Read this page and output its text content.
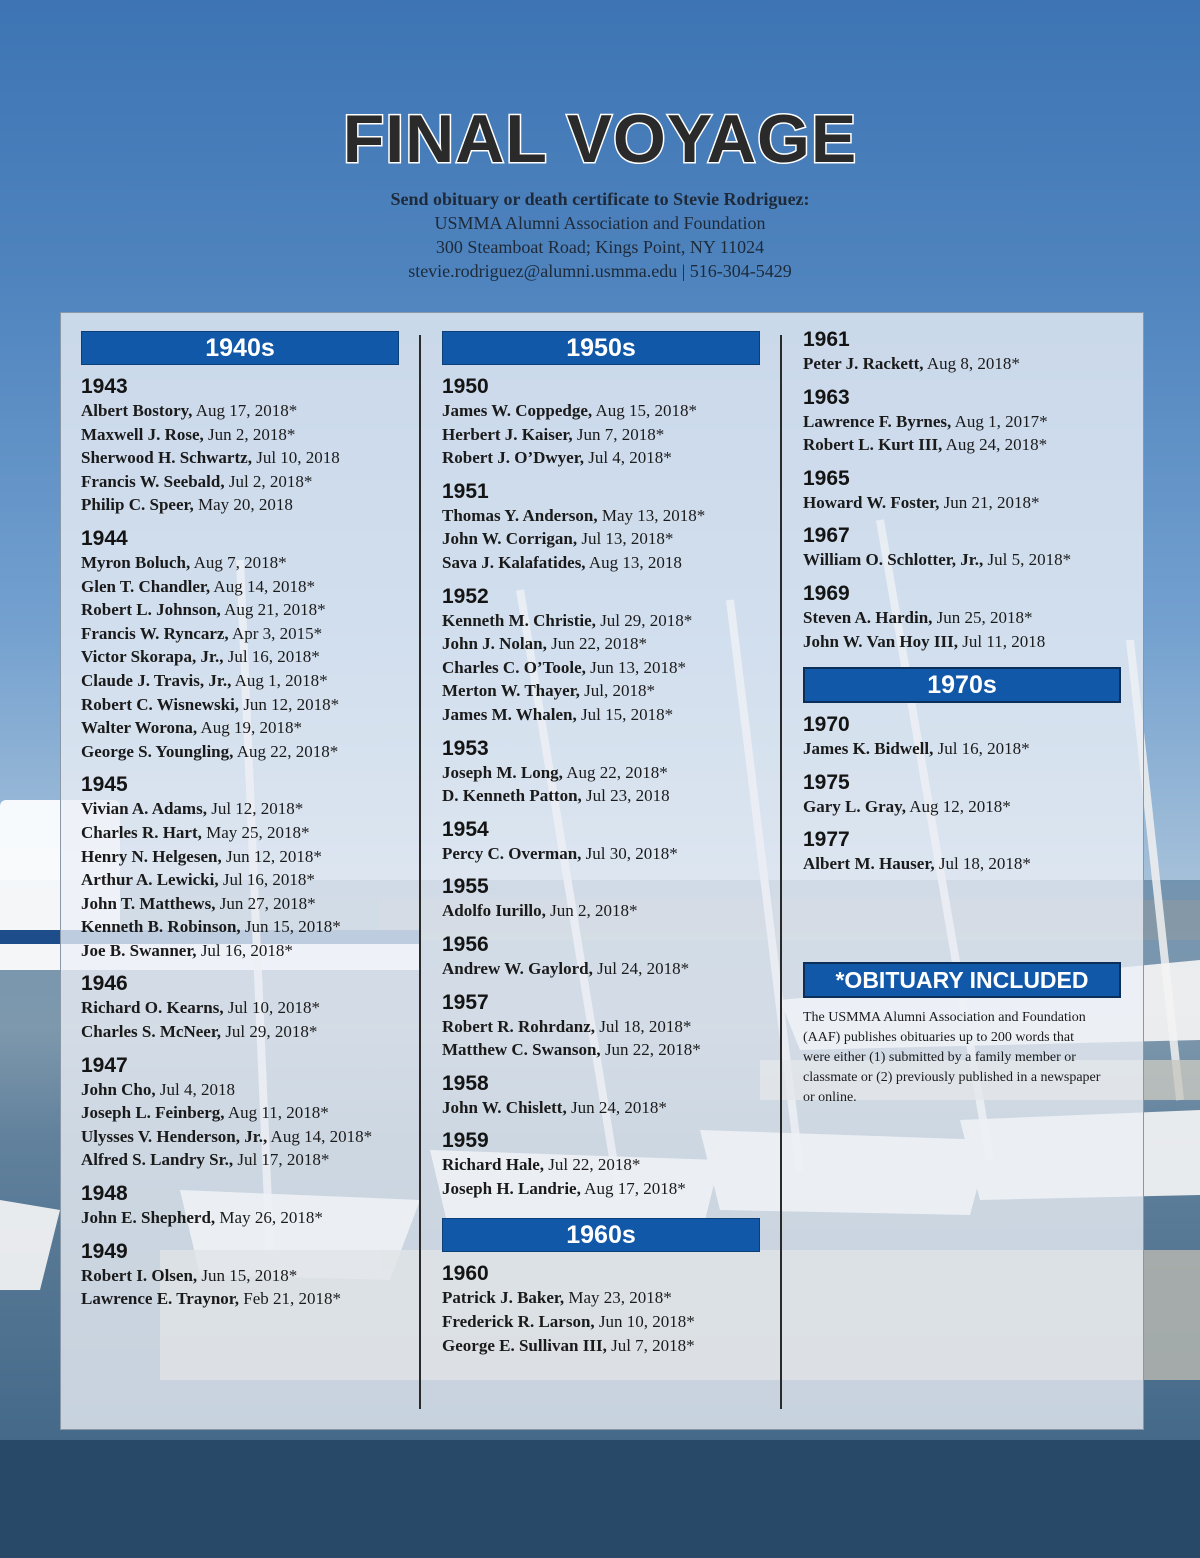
FINAL VOYAGE
Send obituary or death certificate to Stevie Rodriguez:
USMMA Alumni Association and Foundation
300 Steamboat Road; Kings Point, NY 11024
stevie.rodriguez@alumni.usmma.edu | 516-304-5429
1940s
1943
Albert Bostory, Aug 17, 2018*
Maxwell J. Rose, Jun 2, 2018*
Sherwood H. Schwartz, Jul 10, 2018
Francis W. Seebald, Jul 2, 2018*
Philip C. Speer, May 20, 2018
1944
Myron Boluch, Aug 7, 2018*
Glen T. Chandler, Aug 14, 2018*
Robert L. Johnson, Aug 21, 2018*
Francis W. Ryncarz, Apr 3, 2015*
Victor Skorapa, Jr., Jul 16, 2018*
Claude J. Travis, Jr., Aug 1, 2018*
Robert C. Wisnewski, Jun 12, 2018*
Walter Worona, Aug 19, 2018*
George S. Youngling, Aug 22, 2018*
1945
Vivian A. Adams, Jul 12, 2018*
Charles R. Hart, May 25, 2018*
Henry N. Helgesen, Jun 12, 2018*
Arthur A. Lewicki, Jul 16, 2018*
John T. Matthews, Jun 27, 2018*
Kenneth B. Robinson, Jun 15, 2018*
Joe B. Swanner, Jul 16, 2018*
1946
Richard O. Kearns, Jul 10, 2018*
Charles S. McNeer, Jul 29, 2018*
1947
John Cho, Jul 4, 2018
Joseph L. Feinberg, Aug 11, 2018*
Ulysses V. Henderson, Jr., Aug 14, 2018*
Alfred S. Landry Sr., Jul 17, 2018*
1948
John E. Shepherd, May 26, 2018*
1949
Robert I. Olsen, Jun 15, 2018*
Lawrence E. Traynor, Feb 21, 2018*
1950s
1950
James W. Coppedge, Aug 15, 2018*
Herbert J. Kaiser, Jun 7, 2018*
Robert J. O’Dwyer, Jul 4, 2018*
1951
Thomas Y. Anderson, May 13, 2018*
John W. Corrigan, Jul 13, 2018*
Sava J. Kalafatides, Aug 13, 2018
1952
Kenneth M. Christie, Jul 29, 2018*
John J. Nolan, Jun 22, 2018*
Charles C. O’Toole, Jun 13, 2018*
Merton W. Thayer, Jul, 2018*
James M. Whalen, Jul 15, 2018*
1953
Joseph M. Long, Aug 22, 2018*
D. Kenneth Patton, Jul 23, 2018
1954
Percy C. Overman, Jul 30, 2018*
1955
Adolfo Iurillo, Jun 2, 2018*
1956
Andrew W. Gaylord, Jul 24, 2018*
1957
Robert R. Rohrdanz, Jul 18, 2018*
Matthew C. Swanson, Jun 22, 2018*
1958
John W. Chislett, Jun 24, 2018*
1959
Richard Hale, Jul 22, 2018*
Joseph H. Landrie, Aug 17, 2018*
1960s
1960
Patrick J. Baker, May 23, 2018*
Frederick R. Larson, Jun 10, 2018*
George E. Sullivan III, Jul 7, 2018*
1961
Peter J. Rackett, Aug 8, 2018*
1963
Lawrence F. Byrnes, Aug 1, 2017*
Robert L. Kurt III, Aug 24, 2018*
1965
Howard W. Foster, Jun 21, 2018*
1967
William O. Schlotter, Jr., Jul 5, 2018*
1969
Steven A. Hardin, Jun 25, 2018*
John W. Van Hoy III, Jul 11, 2018
1970s
1970
James K. Bidwell, Jul 16, 2018*
1975
Gary L. Gray, Aug 12, 2018*
1977
Albert M. Hauser, Jul 18, 2018*
*OBITUARY INCLUDED
The USMMA Alumni Association and Foundation (AAF) publishes obituaries up to 200 words that were either (1) submitted by a family member or classmate or (2) previously published in a newspaper or online.
